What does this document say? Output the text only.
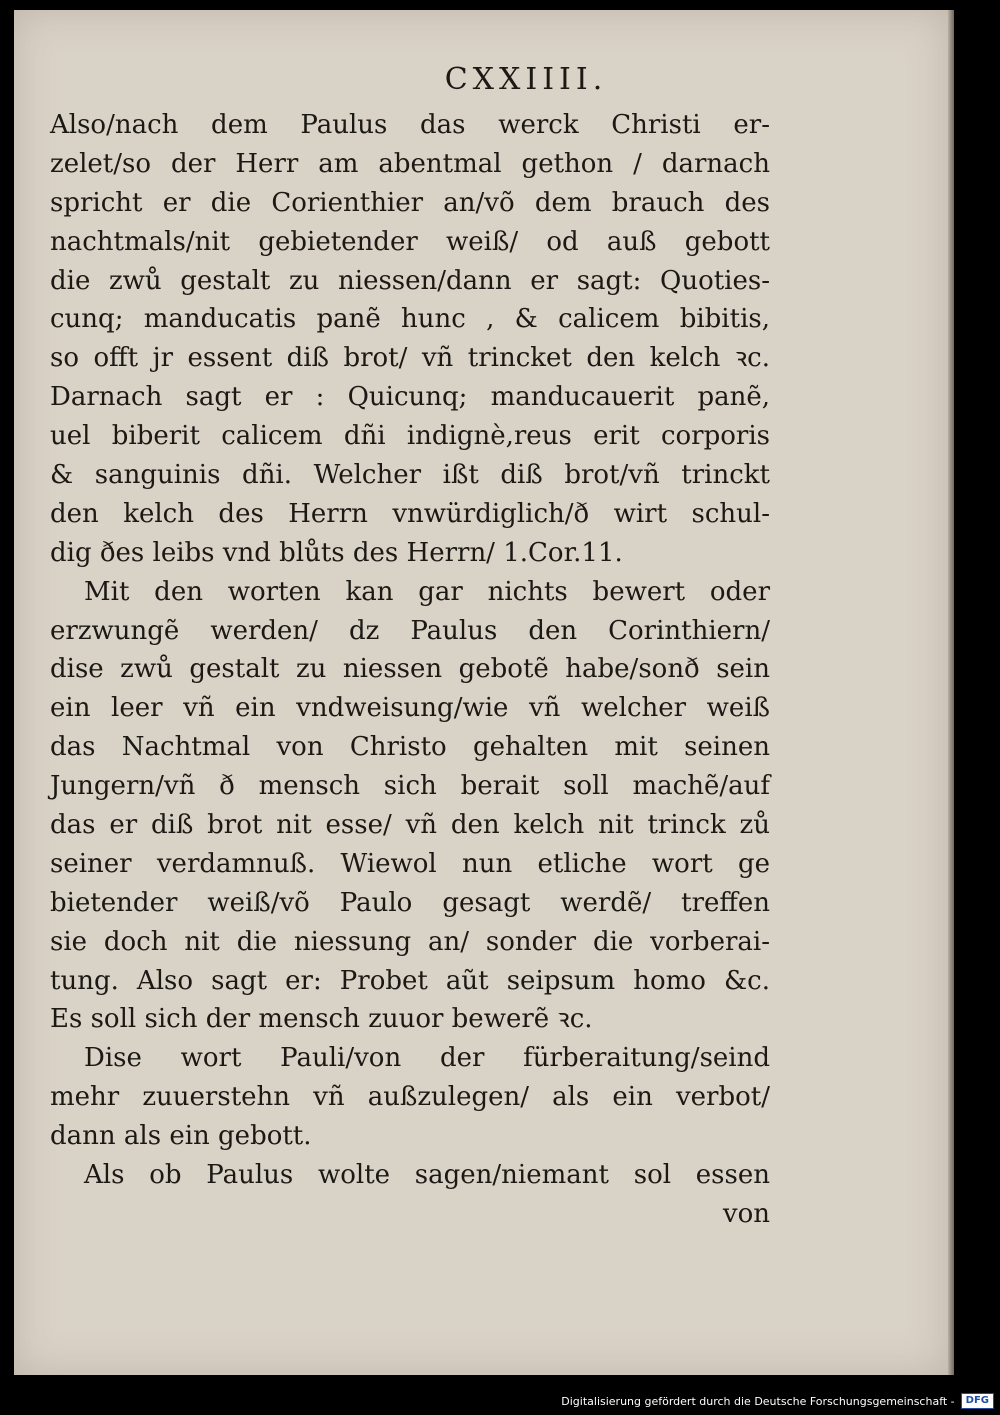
CXXIIII.
Also/nach dem Paulus das werck Christi er-
zelet/so der Herr am abentmal gethon / darnach
spricht er die Corienthier an/võ dem brauch des
nachtmals/nit gebietender weiß/ od auß gebott
die zwů gestalt zu niessen/dann er sagt: Quoties-
cunq; manducatis panẽ hunc , & calicem bibitis,
so offt jr essent diß brot/ vñ trincket den kelch ꝛc.
Darnach sagt er : Quicunq; manducauerit panẽ,
uel biberit calicem dñi indignè,reus erit corporis
& sanguinis dñi. Welcher ißt diß brot/vñ trinckt
den kelch des Herrn vnwürdiglich/ð wirt schul-
dig ðes leibs vnd blůts des Herrn/ 1.Cor.11.
Mit den worten kan gar nichts bewert oder
erzwungẽ werden/ dz Paulus den Corinthiern/
dise zwů gestalt zu niessen gebotẽ habe/sonð sein
ein leer vñ ein vndweisung/wie vñ welcher weiß
das Nachtmal von Christo gehalten mit seinen
Jungern/vñ ð mensch sich berait soll machẽ/auf
das er diß brot nit esse/ vñ den kelch nit trinck zů
seiner verdamnuß. Wiewol nun etliche wort ge
bietender weiß/võ Paulo gesagt werdẽ/ treffen
sie doch nit die niessung an/ sonder die vorberai-
tung. Also sagt er: Probet aũt seipsum homo &c.
Es soll sich der mensch zuuor bewerẽ ꝛc.
Dise wort Pauli/von der fürberaitung/seind
mehr zuuerstehn vñ außzulegen/ als ein verbot/
dann als ein gebott.
Als ob Paulus wolte sagen/niemant sol essen
von
Digitalisierung gefördert durch die Deutsche Forschungsgemeinschaft -	DFG
